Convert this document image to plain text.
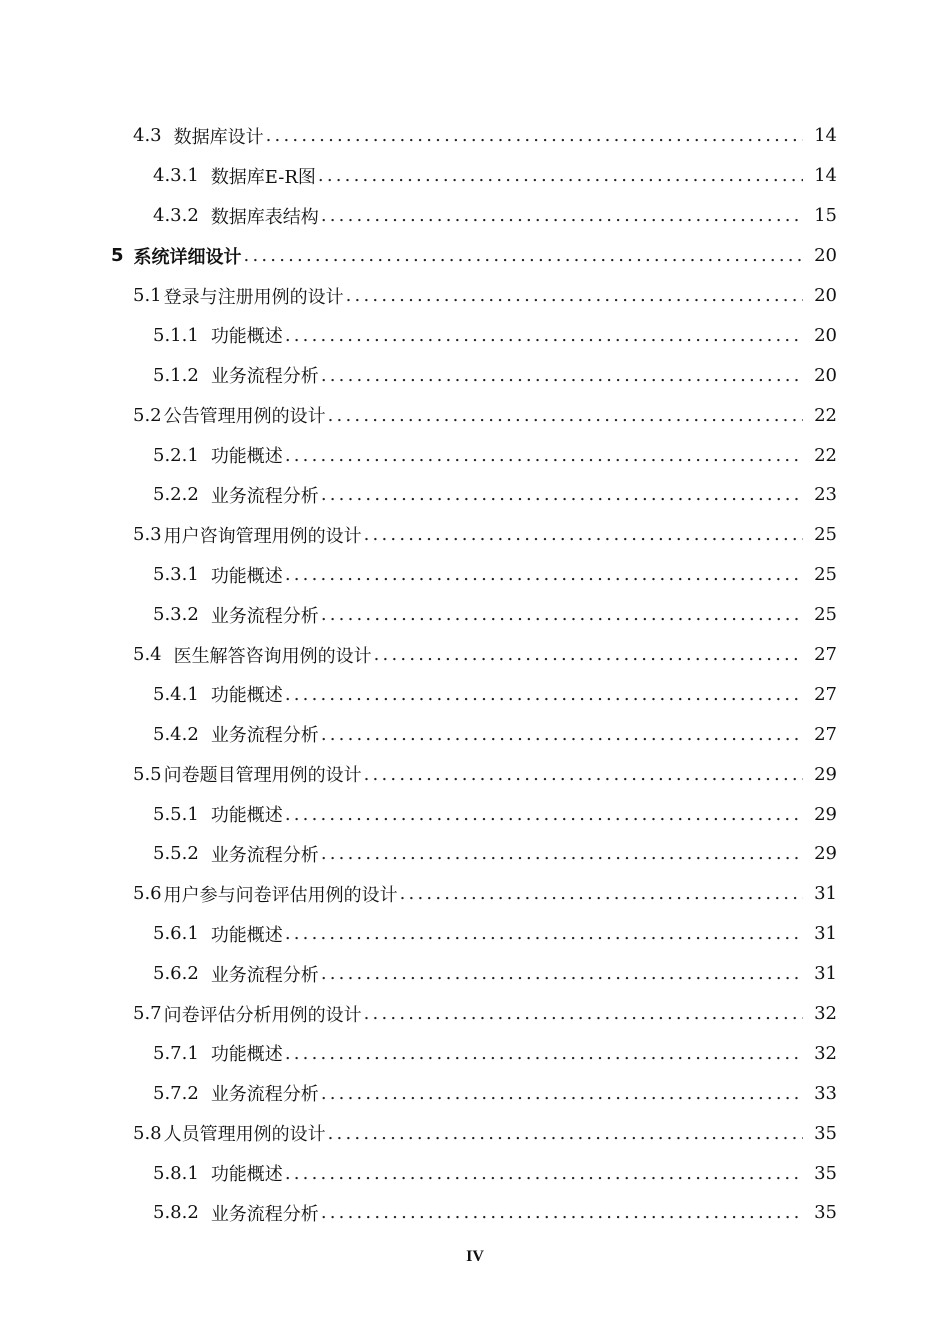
4.3 数据库设计 .....	14
4.3.1 数据库E-R图 .....	14
4.3.2 数据库表结构 .....	15
5 系统详细设计 .....	20
5.1 登录与注册用例的设计 .....	20
5.1.1 功能概述 .....	20
5.1.2 业务流程分析 .....	20
5.2 公告管理用例的设计 .....	22
5.2.1 功能概述 .....	22
5.2.2 业务流程分析 .....	23
5.3 用户咨询管理用例的设计 .....	25
5.3.1 功能概述 .....	25
5.3.2 业务流程分析 .....	25
5.4 医生解答咨询用例的设计 .....	27
5.4.1 功能概述 .....	27
5.4.2 业务流程分析 .....	27
5.5 问卷题目管理用例的设计 .....	29
5.5.1 功能概述 .....	29
5.5.2 业务流程分析 .....	29
5.6 用户参与问卷评估用例的设计 .....	31
5.6.1 功能概述 .....	31
5.6.2 业务流程分析 .....	31
5.7 问卷评估分析用例的设计 .....	32
5.7.1 功能概述 .....	32
5.7.2 业务流程分析 .....	33
5.8 人员管理用例的设计 .....	35
5.8.1 功能概述 .....	35
5.8.2 业务流程分析 .....	35
IV
